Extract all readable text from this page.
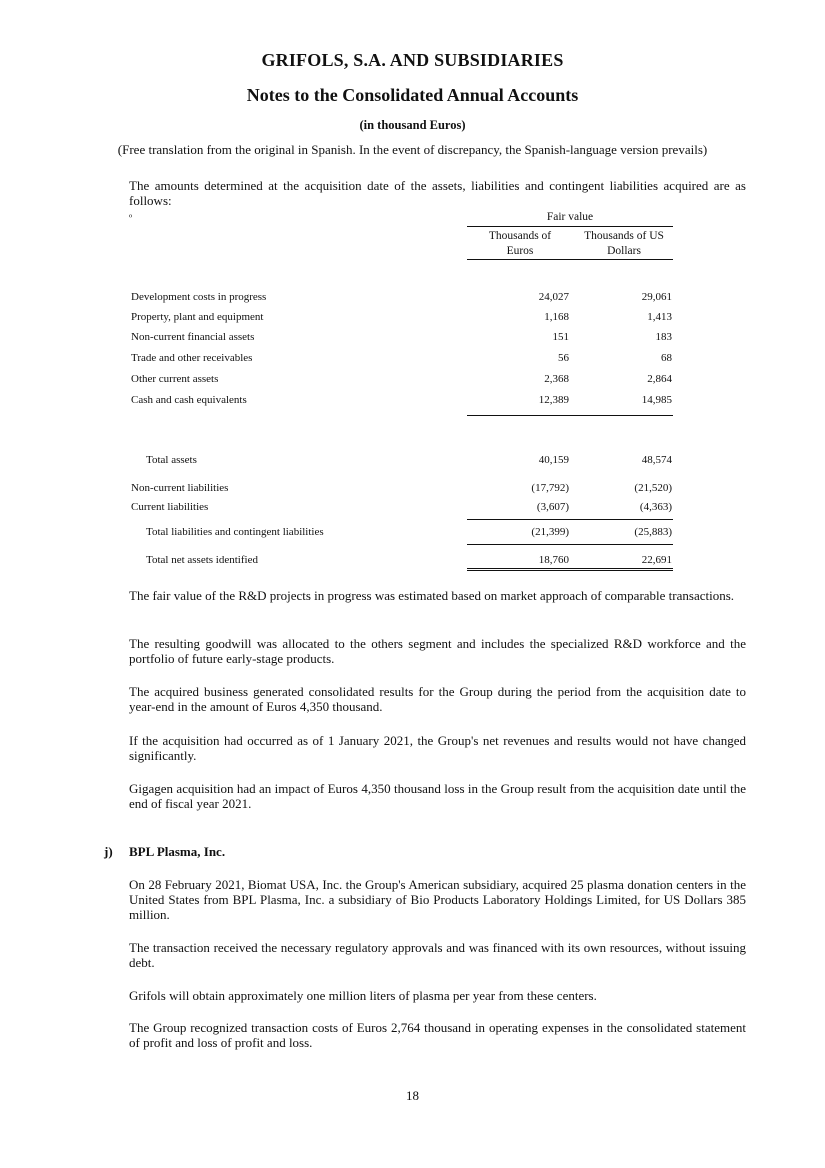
GRIFOLS, S.A. AND SUBSIDIARIES
Notes to the Consolidated Annual Accounts
(in thousand Euros)
(Free translation from the original in Spanish. In the event of discrepancy, the Spanish-language version prevails)
The amounts determined at the acquisition date of the assets, liabilities and contingent liabilities acquired are as follows:
º	Fair value
Thousands of
Euros
Thousands of US
Dollars
Development costs in progress	24,027	29,061
Property, plant and equipment	1,168	1,413
Non-current financial assets	151	183
Trade and other receivables	56	68
Other current assets	2,368	2,864
Cash and cash equivalents	12,389	14,985
Total assets	40,159	48,574
Non-current liabilities	(17,792)	(21,520)
Current liabilities	(3,607)	(4,363)
Total liabilities and contingent liabilities	(21,399)	(25,883)
Total net assets identified	18,760	22,691
The fair value of the R&D projects in progress was estimated based on market approach of comparable transactions.
The resulting goodwill was allocated to the others segment and includes the specialized R&D workforce and the portfolio of future early-stage products.
The acquired business generated consolidated results for the Group during the period from the acquisition date to year-end in the amount of Euros 4,350 thousand.
If the acquisition had occurred as of 1 January 2021, the Group's net revenues and results would not have changed significantly.
Gigagen acquisition had an impact of Euros 4,350 thousand loss in the Group result from the acquisition date until the end of fiscal year 2021.
j) BPL Plasma, Inc.
On 28 February 2021, Biomat USA, Inc. the Group's American subsidiary, acquired 25 plasma donation centers in the United States from BPL Plasma, Inc. a subsidiary of Bio Products Laboratory Holdings Limited, for US Dollars 385 million.
The transaction received the necessary regulatory approvals and was financed with its own resources, without issuing debt.
Grifols will obtain approximately one million liters of plasma per year from these centers.
The Group recognized transaction costs of Euros 2,764 thousand in operating expenses in the consolidated statement of profit and loss of profit and loss.
18
